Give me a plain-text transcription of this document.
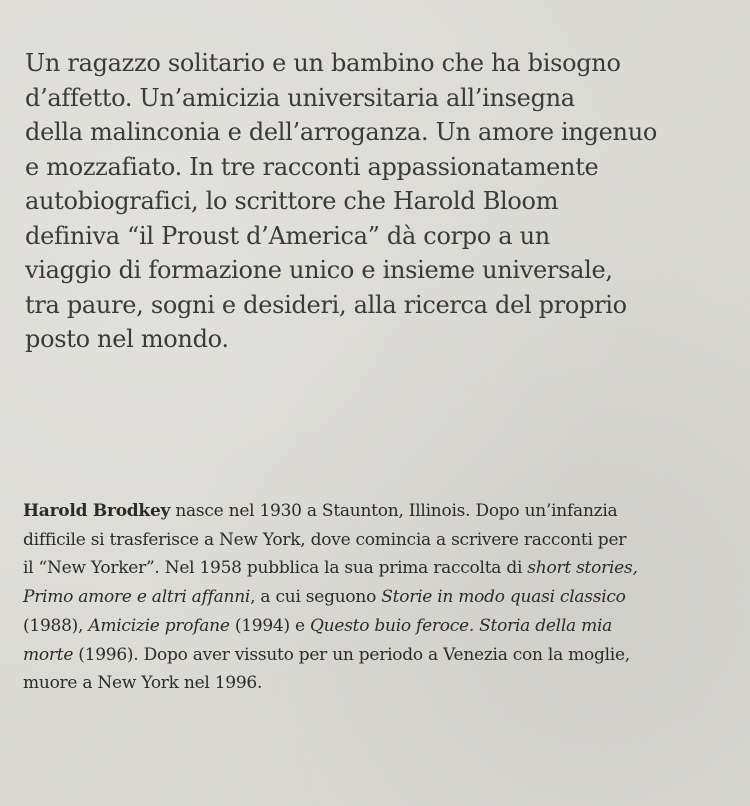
Un ragazzo solitario e un bambino che ha bisogno
d’affetto. Un’amicizia universitaria all’insegna
della malinconia e dell’arroganza. Un amore ingenuo
e mozzafiato. In tre racconti appassionatamente
autobiografici, lo scrittore che Harold Bloom
definiva “il Proust d’America” dà corpo a un
viaggio di formazione unico e insieme universale,
tra paure, sogni e desideri, alla ricerca del proprio
posto nel mondo.
Harold Brodkey nasce nel 1930 a Staunton, Illinois. Dopo un’infanzia
difficile si trasferisce a New York, dove comincia a scrivere racconti per
il “New Yorker”. Nel 1958 pubblica la sua prima raccolta di short stories,
Primo amore e altri affanni, a cui seguono Storie in modo quasi classico
(1988), Amicizie profane (1994) e Questo buio feroce. Storia della mia
morte (1996). Dopo aver vissuto per un periodo a Venezia con la moglie,
muore a New York nel 1996.
